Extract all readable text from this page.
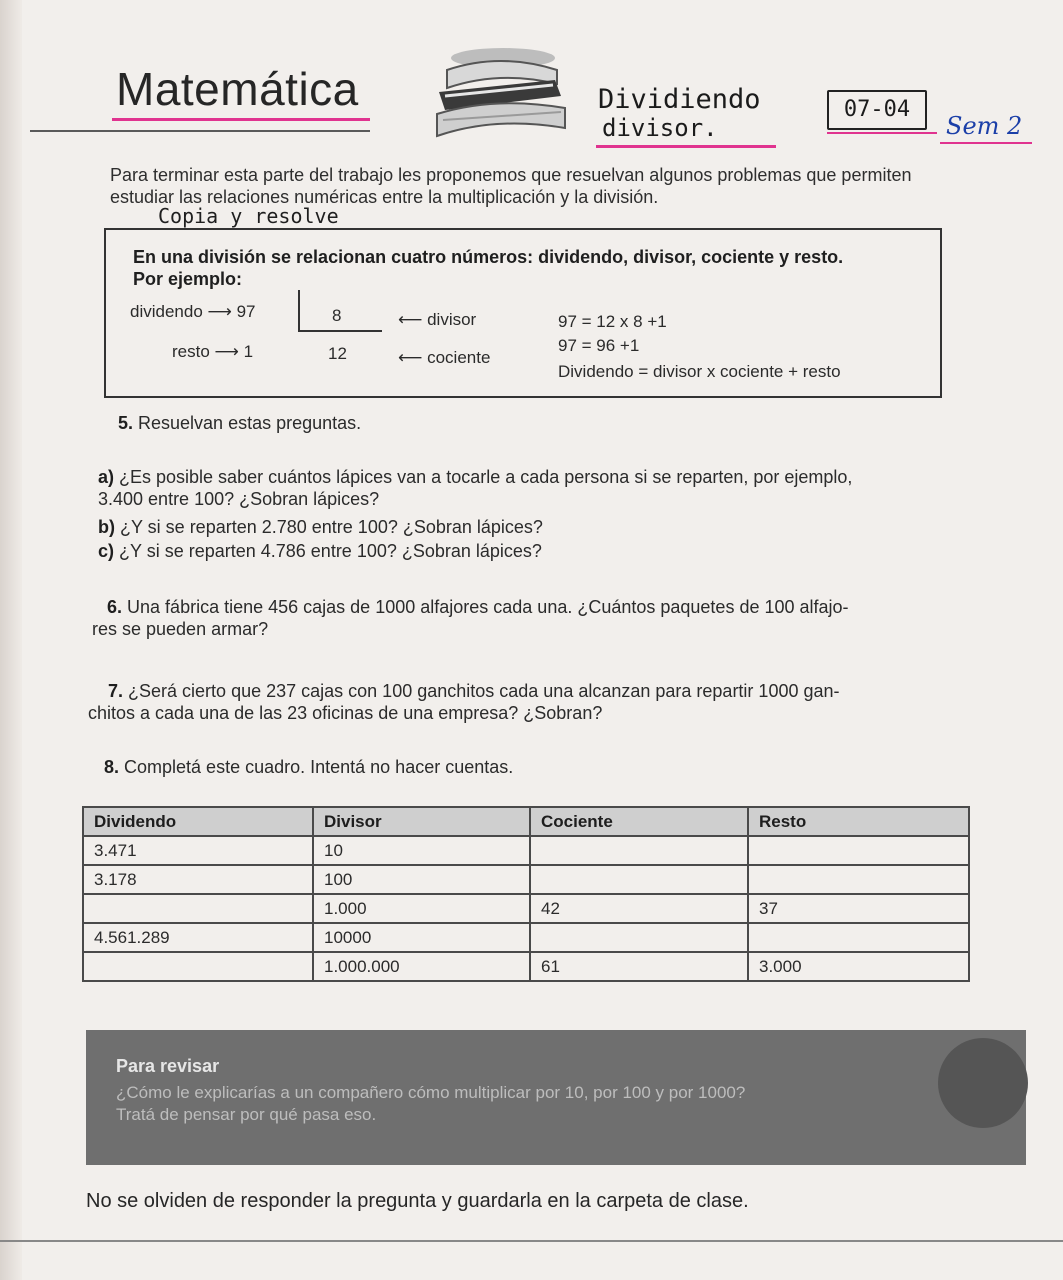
Matemática	Dividiendo
divisor.
07-04
Sem 2
Para terminar esta parte del trabajo les proponemos que resuelvan algunos problemas que permiten estudiar las relaciones numéricas entre la multiplicación y la división.
Copia y resolve
En una división se relacionan cuatro números: dividendo, divisor, cociente y resto.
Por ejemplo:
dividendo ⟶ 97	8	⟵ divisor
resto ⟶ 1	12	⟵ cociente
97 = 12 x 8 +1
97 = 96 +1
Dividendo = divisor x cociente + resto
5. Resuelvan estas preguntas.
a) ¿Es posible saber cuántos lápices van a tocarle a cada persona si se reparten, por ejemplo,
3.400 entre 100? ¿Sobran lápices?
b) ¿Y si se reparten 2.780 entre 100? ¿Sobran lápices?
c) ¿Y si se reparten 4.786 entre 100? ¿Sobran lápices?
6. Una fábrica tiene 456 cajas de 1000 alfajores cada una. ¿Cuántos paquetes de 100 alfajo-
res se pueden armar?
7. ¿Será cierto que 237 cajas con 100 ganchitos cada una alcanzan para repartir 1000 gan-
chitos a cada una de las 23 oficinas de una empresa? ¿Sobran?
8. Completá este cuadro. Intentá no hacer cuentas.
Dividendo	Divisor	Cociente	Resto
3.471	10		
3.178	100		
	1.000	42	37
4.561.289	10000		
	1.000.000	61	3.000
Para revisar
¿Cómo le explicarías a un compañero cómo multiplicar por 10, por 100 y por 1000?
Tratá de pensar por qué pasa eso.
No se olviden de responder la pregunta y guardarla en la carpeta de clase.
